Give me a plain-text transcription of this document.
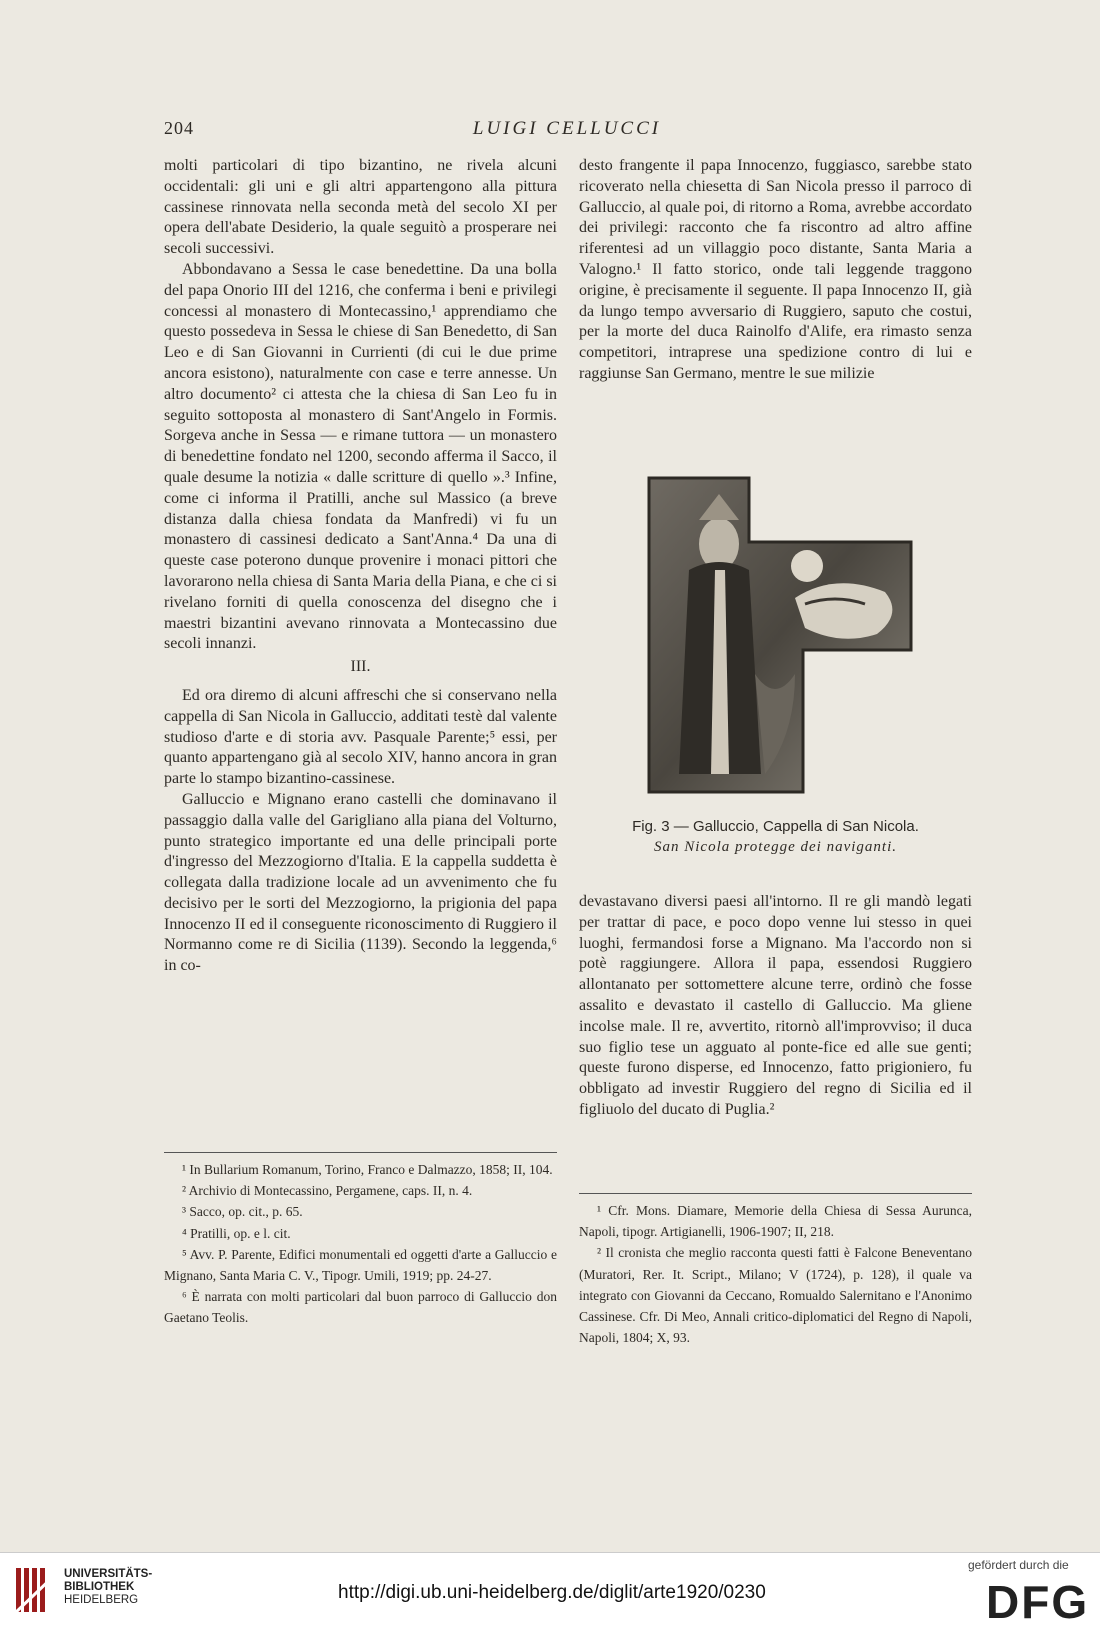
204	LUIGI CELLUCCI

molti particolari di tipo bizantino, ne rivela alcuni occidentali: gli uni e gli altri appartengono alla pittura cassinese rinnovata nella seconda metà del secolo XI per opera dell'abate Desiderio, la quale seguitò a prosperare nei secoli successivi.

Abbondavano a Sessa le case benedettine. Da una bolla del papa Onorio III del 1216, che conferma i beni e privilegi concessi al monastero di Montecassino,¹ apprendiamo che questo possedeva in Sessa le chiese di San Benedetto, di San Leo e di San Giovanni in Currienti (di cui le due prime ancora esistono), naturalmente con case e terre annesse. Un altro documento² ci attesta che la chiesa di San Leo fu in seguito sottoposta al monastero di Sant'Angelo in Formis. Sorgeva anche in Sessa — e rimane tuttora — un monastero di benedettine fondato nel 1200, secondo afferma il Sacco, il quale desume la notizia « dalle scritture di quello ».³ Infine, come ci informa il Pratilli, anche sul Massico (a breve distanza dalla chiesa fondata da Manfredi) vi fu un monastero di cassinesi dedicato a Sant'Anna.⁴ Da una di queste case poterono dunque provenire i monaci pittori che lavorarono nella chiesa di Santa Maria della Piana, e che ci si rivelano forniti di quella conoscenza del disegno che i maestri bizantini avevano rinnovata a Montecassino due secoli innanzi.

III.

Ed ora diremo di alcuni affreschi che si conservano nella cappella di San Nicola in Galluccio, additati testè dal valente studioso d'arte e di storia avv. Pasquale Parente;⁵ essi, per quanto appartengano già al secolo XIV, hanno ancora in gran parte lo stampo bizantino-cassinese.

Galluccio e Mignano erano castelli che dominavano il passaggio dalla valle del Garigliano alla piana del Volturno, punto strategico importante ed una delle principali porte d'ingresso del Mezzogiorno d'Italia. E la cappella suddetta è collegata dalla tradizione locale ad un avvenimento che fu decisivo per le sorti del Mezzogiorno, la prigionia del papa Innocenzo II ed il conseguente riconoscimento di Ruggiero il Normanno come re di Sicilia (1139). Secondo la leggenda,⁶ in co-

desto frangente il papa Innocenzo, fuggiasco, sarebbe stato ricoverato nella chiesetta di San Nicola presso il parroco di Galluccio, al quale poi, di ritorno a Roma, avrebbe accordato dei privilegi: racconto che fa riscontro ad altro affine riferentesi ad un villaggio poco distante, Santa Maria a Valogno.¹ Il fatto storico, onde tali leggende traggono origine, è precisamente il seguente. Il papa Innocenzo II, già da lungo tempo avversario di Ruggiero, saputo che costui, per la morte del duca Rainolfo d'Alife, era rimasto senza competitori, intraprese una spedizione contro di lui e raggiunse San Germano, mentre le sue milizie

Fig. 3 — Galluccio, Cappella di San Nicola.
San Nicola protegge dei naviganti.

devastavano diversi paesi all'intorno. Il re gli mandò legati per trattar di pace, e poco dopo venne lui stesso in quei luoghi, fermandosi forse a Mignano. Ma l'accordo non si potè raggiungere. Allora il papa, essendosi Ruggiero allontanato per sottomettere alcune terre, ordinò che fosse assalito e devastato il castello di Galluccio. Ma gliene incolse male. Il re, avvertito, ritornò all'improvviso; il duca suo figlio tese un agguato al ponte-fice ed alle sue genti; queste furono disperse, ed Innocenzo, fatto prigioniero, fu obbligato ad investir Ruggiero del regno di Sicilia ed il figliuolo del ducato di Puglia.²

¹ In Bullarium Romanum, Torino, Franco e Dalmazzo, 1858; II, 104.

² Archivio di Montecassino, Pergamene, caps. II, n. 4.

³ Sacco, op. cit., p. 65.

⁴ Pratilli, op. e l. cit.

⁵ Avv. P. Parente, Edifici monumentali ed oggetti d'arte a Galluccio e Mignano, Santa Maria C. V., Tipogr. Umili, 1919; pp. 24-27.

⁶ È narrata con molti particolari dal buon parroco di Galluccio don Gaetano Teolis.

¹ Cfr. Mons. Diamare, Memorie della Chiesa di Sessa Aurunca, Napoli, tipogr. Artigianelli, 1906-1907; II, 218.

² Il cronista che meglio racconta questi fatti è Falcone Beneventano (Muratori, Rer. It. Script., Milano; V (1724), p. 128), il quale va integrato con Giovanni da Ceccano, Romualdo Salernitano e l'Anonimo Cassinese. Cfr. Di Meo, Annali critico-diplomatici del Regno di Napoli, Napoli, 1804; X, 93.

UNIVERSITÄTS-
BIBLIOTHEK
HEIDELBERG	http://digi.ub.uni-heidelberg.de/diglit/arte1920/0230
gefördert durch die
DFG
